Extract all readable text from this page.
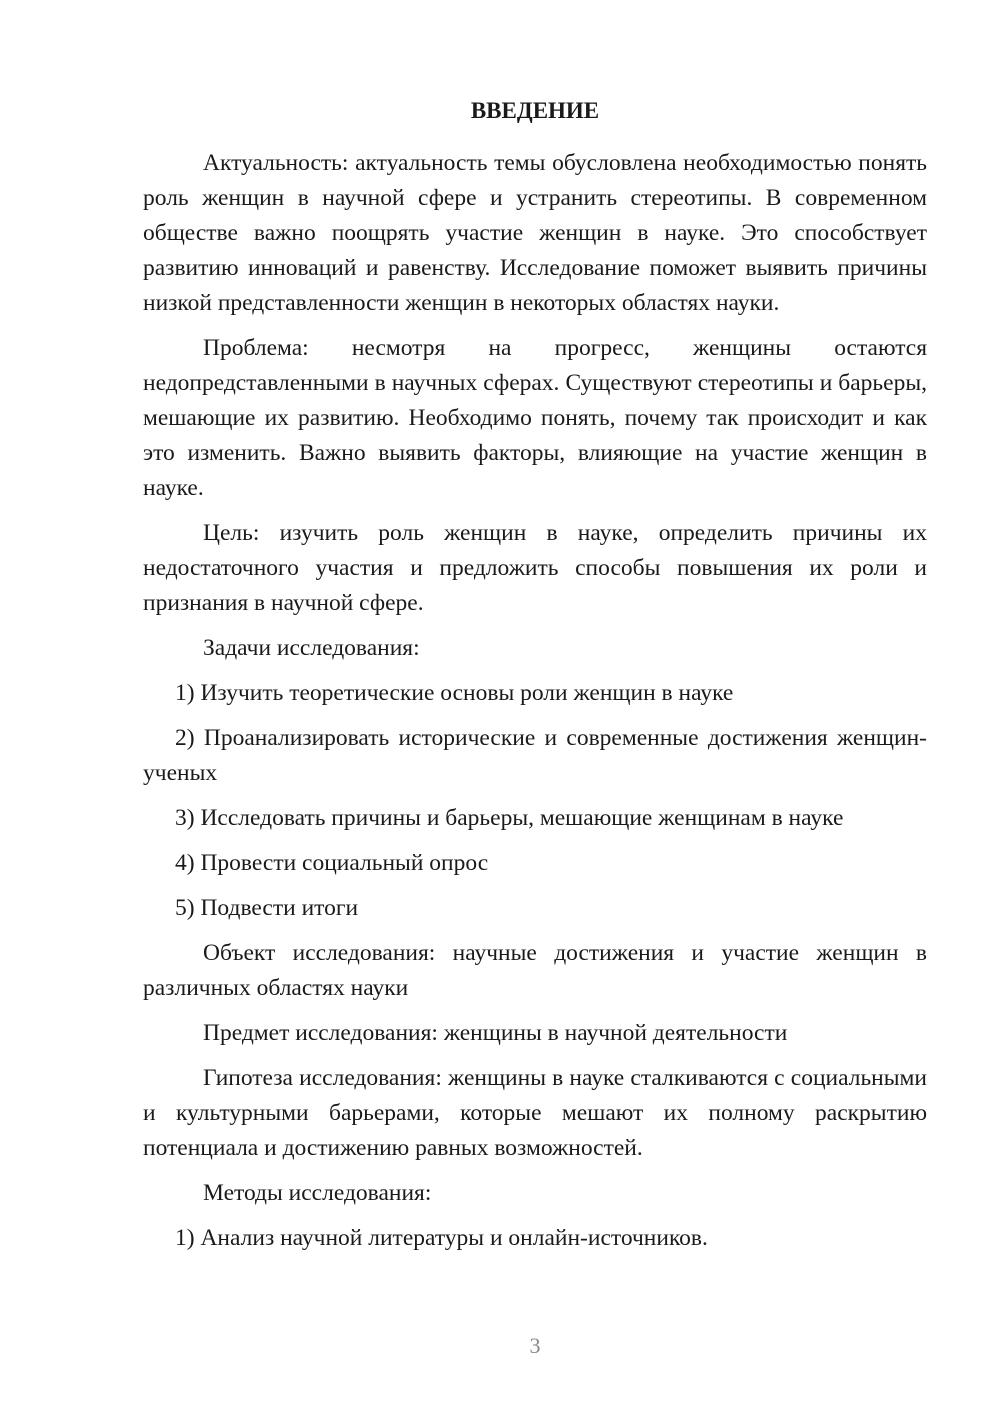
ВВЕДЕНИЕ

Актуальность: актуальность темы обусловлена необходимостью понять роль женщин в научной сфере и устранить стереотипы. В современном обществе важно поощрять участие женщин в науке. Это способствует развитию инноваций и равенству. Исследование поможет выявить причины низкой представленности женщин в некоторых областях науки.

Проблема: несмотря на прогресс, женщины остаются недопредставленными в научных сферах. Существуют стереотипы и барьеры, мешающие их развитию. Необходимо понять, почему так происходит и как это изменить. Важно выявить факторы, влияющие на участие женщин в науке.

Цель: изучить роль женщин в науке, определить причины их недостаточного участия и предложить способы повышения их роли и признания в научной сфере.

Задачи исследования:

1) Изучить теоретические основы роли женщин в науке

2) Проанализировать исторические и современные достижения женщин-ученых

3) Исследовать причины и барьеры, мешающие женщинам в науке

4) Провести социальный опрос

5) Подвести итоги

Объект исследования: научные достижения и участие женщин в различных областях науки

Предмет исследования: женщины в научной деятельности

Гипотеза исследования: женщины в науке сталкиваются с социальными и культурными барьерами, которые мешают их полному раскрытию потенциала и достижению равных возможностей.

Методы исследования:

1) Анализ научной литературы и онлайн-источников.

3
